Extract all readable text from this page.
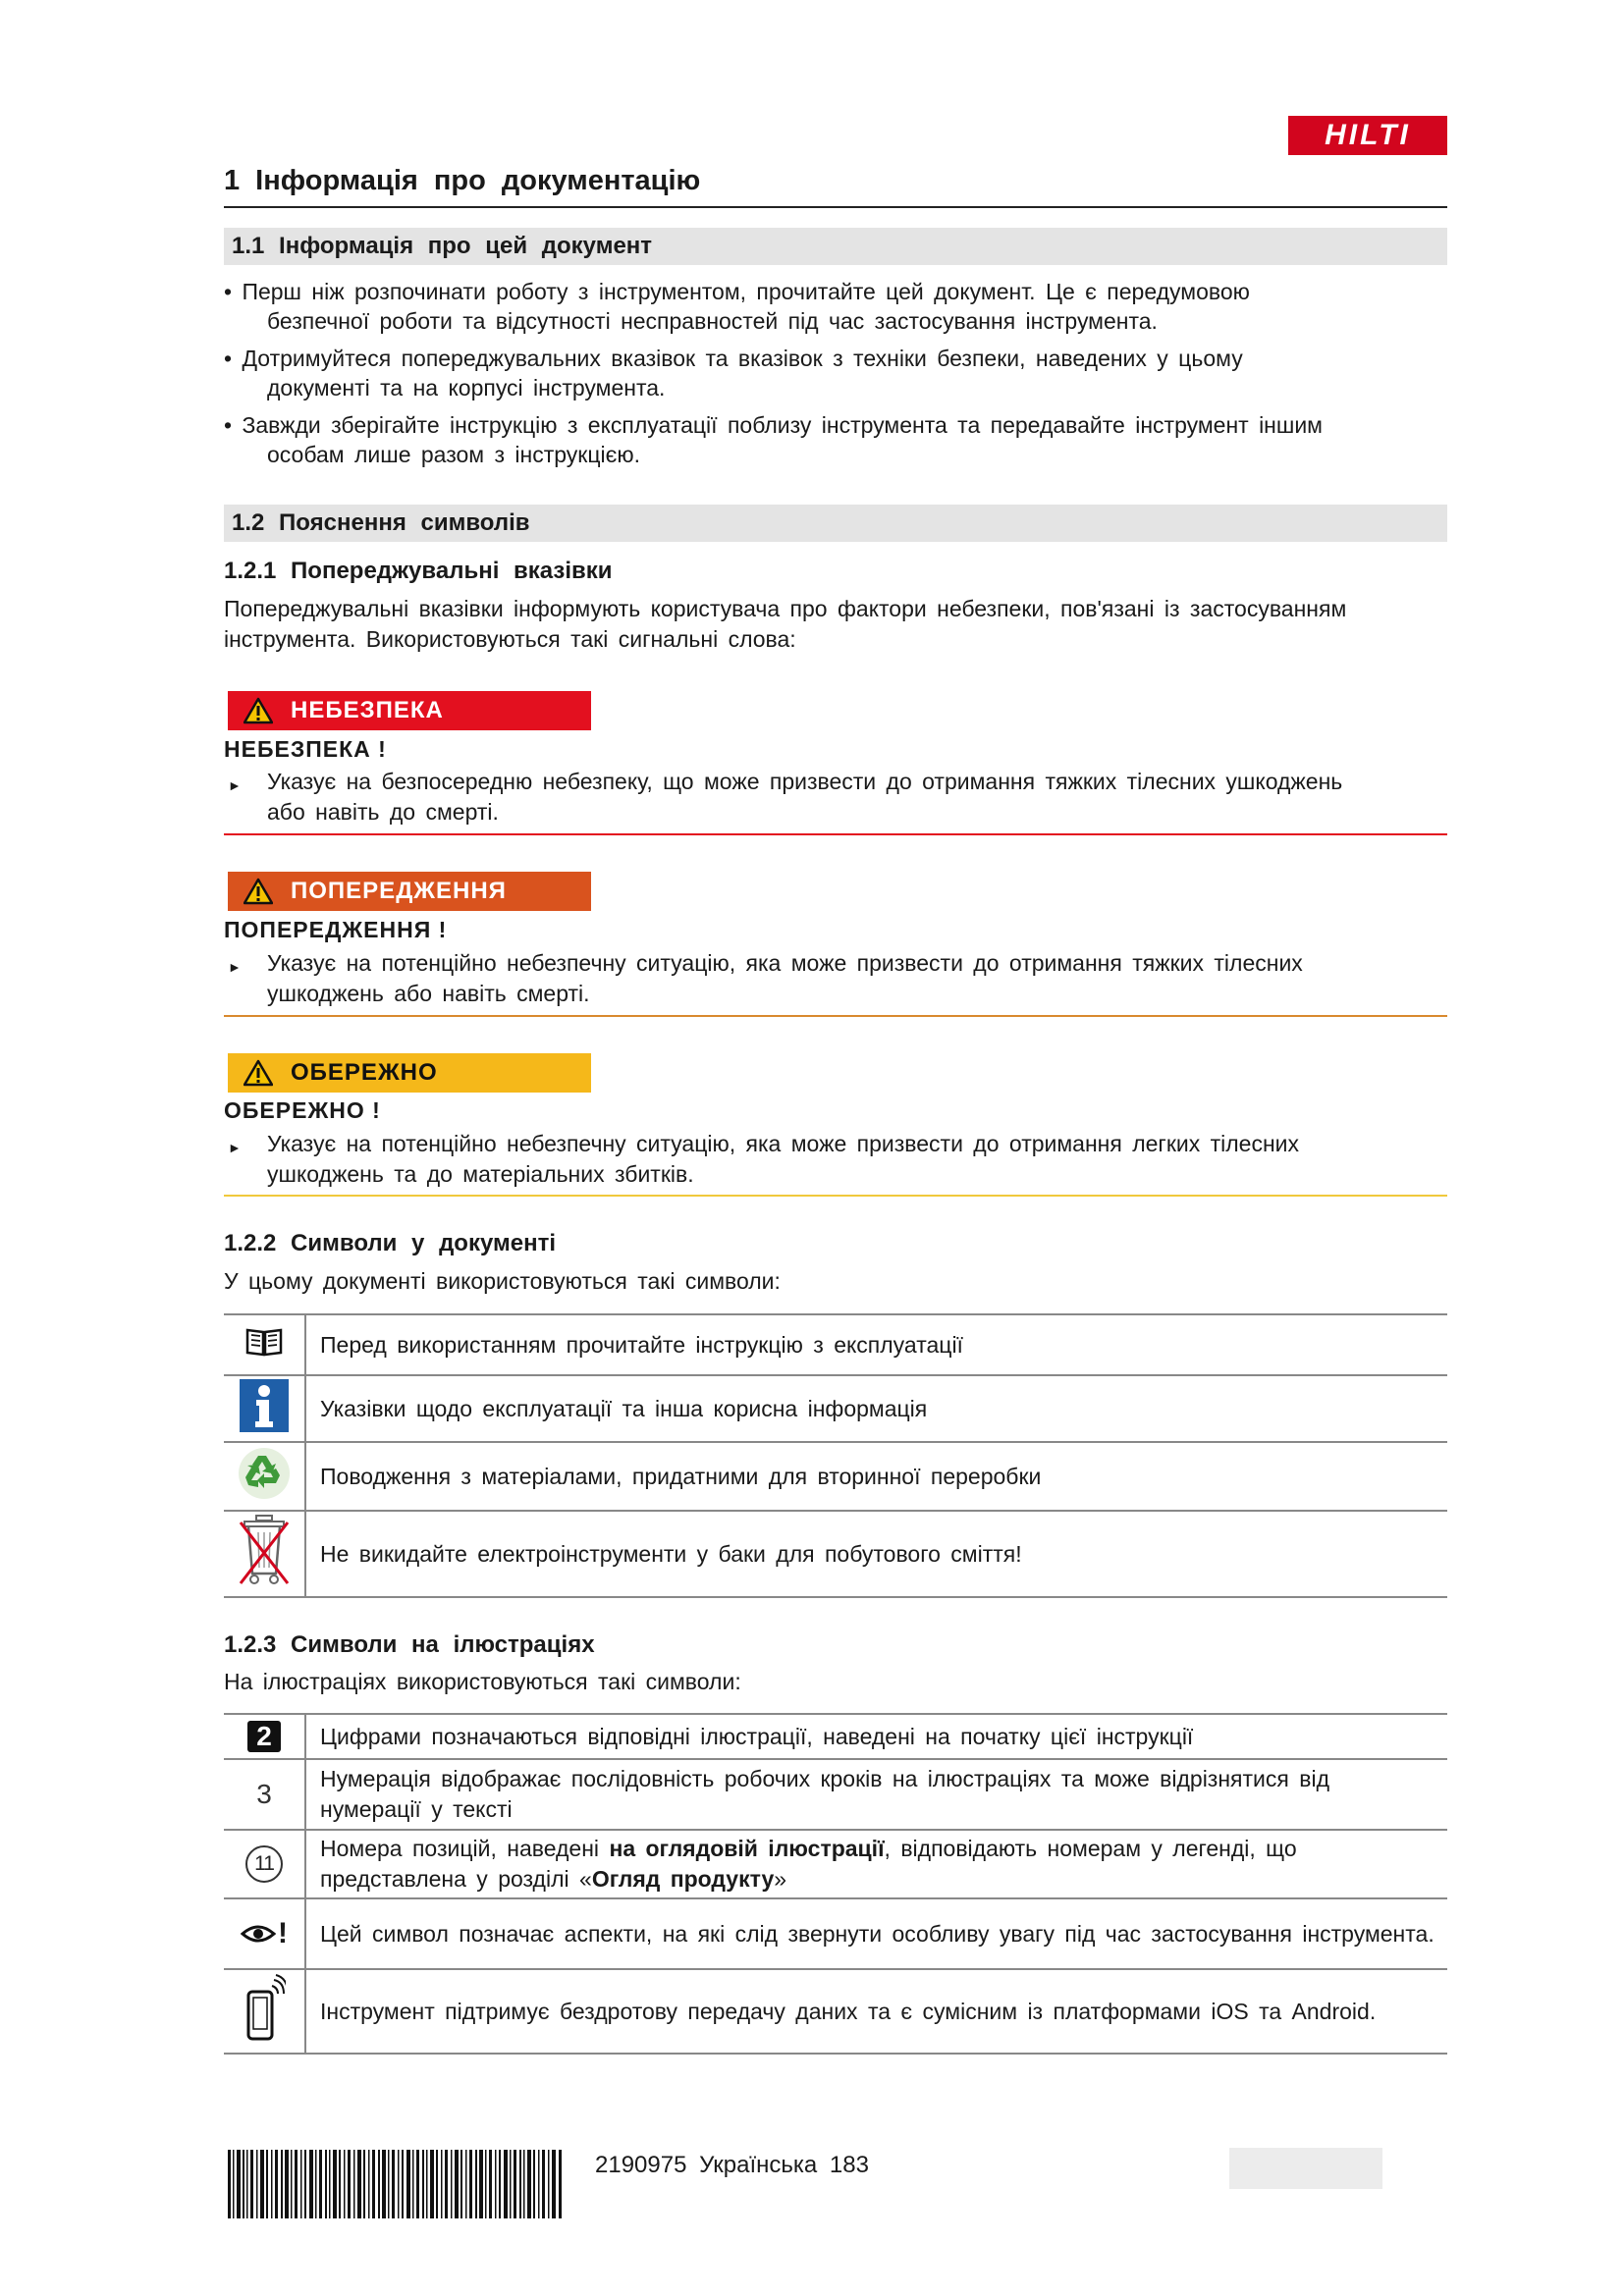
HILTI
1 Інформація про документацію
1.1 Інформація про цей документ
• Перш ніж розпочинати роботу з інструментом, прочитайте цей документ. Це є передумовою
безпечної роботи та відсутності несправностей під час застосування інструмента.
• Дотримуйтеся попереджувальних вказівок та вказівок з техніки безпеки, наведених у цьому
документі та на корпусі інструмента.
• Завжди зберігайте інструкцію з експлуатації поблизу інструмента та передавайте інструмент іншим
особам лише разом з інструкцією.
1.2 Пояснення символів
1.2.1 Попереджувальні вказівки
Попереджувальні вказівки інформують користувача про фактори небезпеки, пов'язані із застосуванням
інструмента. Використовуються такі сигнальні слова:
НЕБЕЗПЕКА
НЕБЕЗПЕКА !
►	Указує на безпосередню небезпеку, що може призвести до отримання тяжких тілесних ушкоджень
або навіть до смерті.
ПОПЕРЕДЖЕННЯ
ПОПЕРЕДЖЕННЯ !
►	Указує на потенційно небезпечну ситуацію, яка може призвести до отримання тяжких тілесних
ушкоджень або навіть смерті.
ОБЕРЕЖНО
ОБЕРЕЖНО !
►	Указує на потенційно небезпечну ситуацію, яка може призвести до отримання легких тілесних
ушкоджень та до матеріальних збитків.
1.2.2 Символи у документі
У цьому документі використовуються такі символи:
	Перед використанням прочитайте інструкцію з експлуатації
	Указівки щодо експлуатації та інша корисна інформація
	Поводження з матеріалами, придатними для вторинної переробки
	Не викидайте електроінструменти у баки для побутового сміття!
1.2.3 Символи на ілюстраціях
На ілюстраціях використовуються такі символи:
2	Цифрами позначаються відповідні ілюстрації, наведені на початку цієї інструкції
3	Нумерація відображає послідовність робочих кроків на ілюстраціях та може відрізнятися від нумерації у тексті
11	Номера позицій, наведені на оглядовій ілюстрації, відповідають номерам у легенді, що представлена у розділі «Огляд продукту»

!	Цей символ позначає аспекти, на які слід звернути особливу увагу під час застосування інструмента.
	Інструмент підтримує бездротову передачу даних та є сумісним із платформами iOS та Android.
2190975 Українська 183
